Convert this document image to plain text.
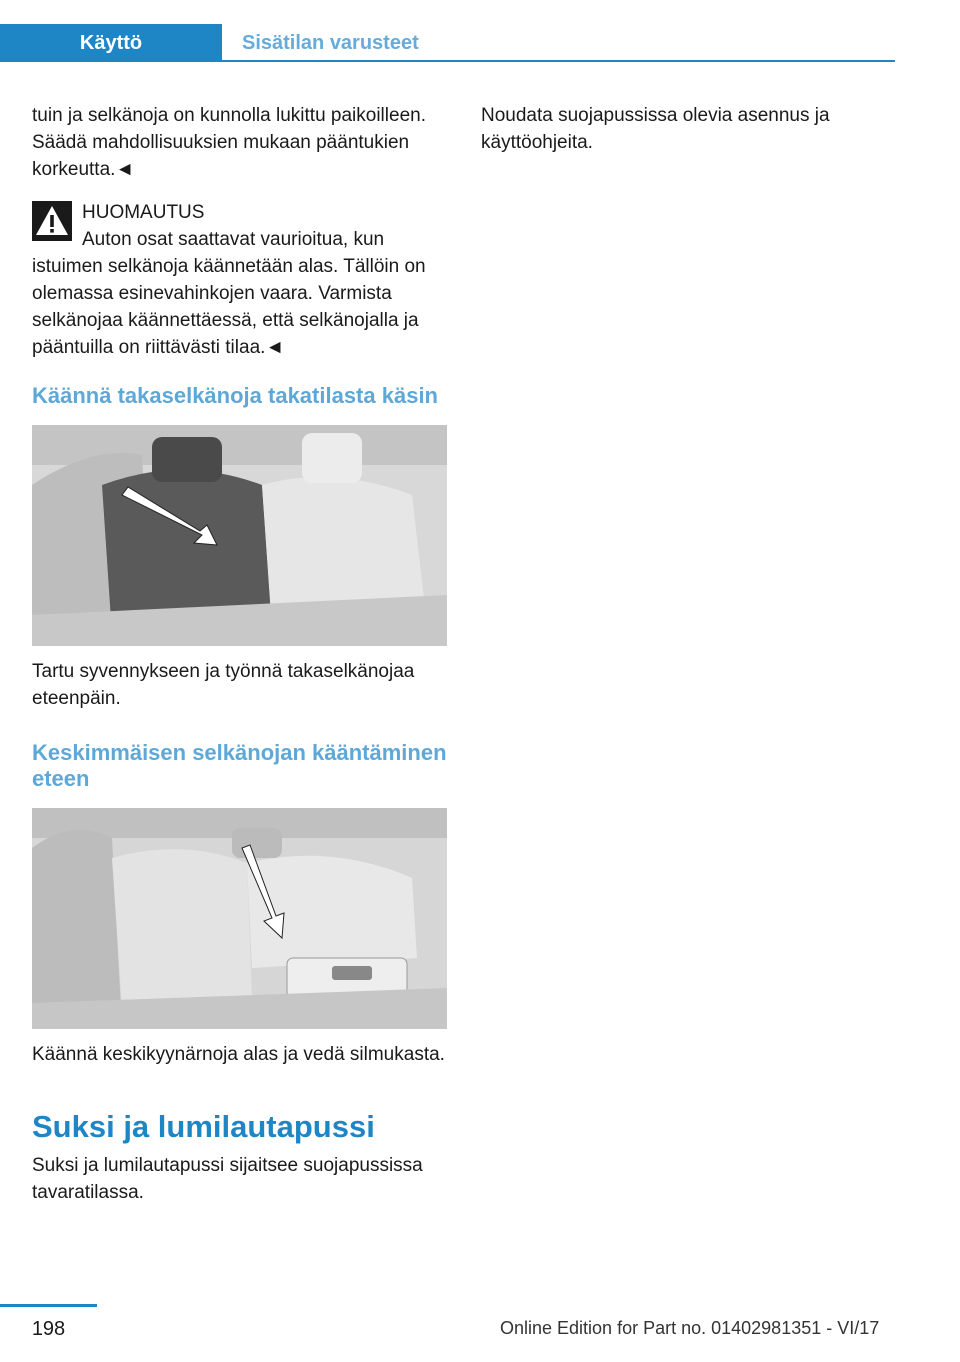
Käyttö	Sisätilan varusteet

tuin ja selkänoja on kunnolla lukittu paikoilleen. Säädä mahdollisuuksien mukaan pääntukien korkeutta.◄

HUOMAUTUS

Auton osat saattavat vaurioitua, kun istuimen selkänoja käännetään alas. Tällöin on olemassa esinevahinkojen vaara. Varmista selkänojaa käännettäessä, että selkänojalla ja pääntuilla on riittävästi tilaa.◄

Käännä takaselkänoja takatilasta käsin

Tartu syvennykseen ja työnnä takaselkänojaa eteenpäin.

Keskimmäisen selkänojan kääntäminen eteen

Käännä keskikyynärnoja alas ja vedä silmukasta.

Suksi ja lumilautapussi

Suksi ja lumilautapussi sijaitsee suojapussissa tavaratilassa.

Noudata suojapussissa olevia asennus ja käyttöohjeita.

198	Online Edition for Part no. 01402981351 - VI/17
